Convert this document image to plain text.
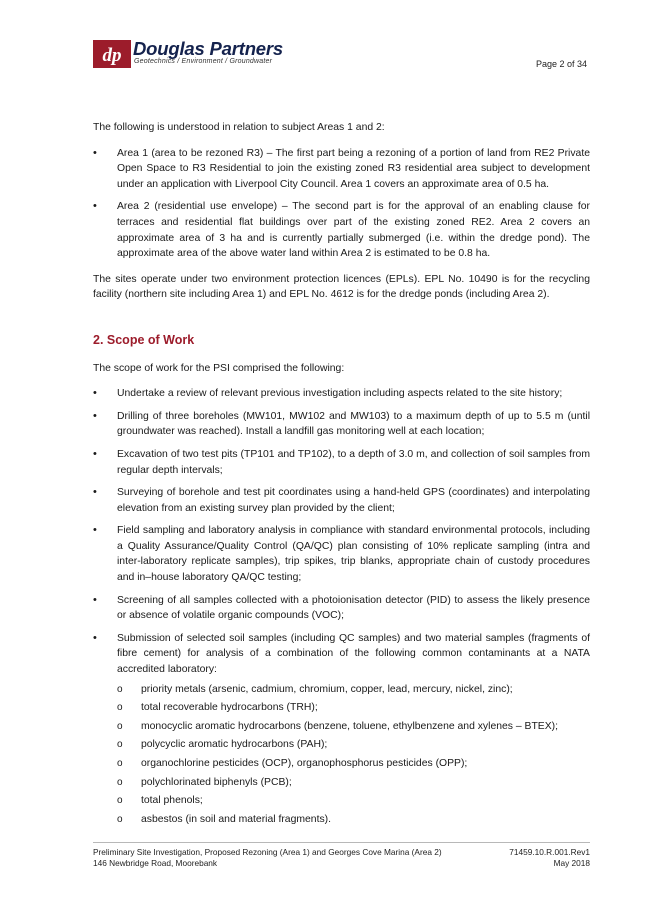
dp Douglas Partners
Geotechnics / Environment / Groundwater	Page 2 of 34

The following is understood in relation to subject Areas 1 and 2:

• Area 1 (area to be rezoned R3) – The first part being a rezoning of a portion of land from RE2 Private Open Space to R3 Residential to join the existing zoned R3 residential area subject to development under an application with Liverpool City Council. Area 1 covers an approximate area of 0.5 ha.
• Area 2 (residential use envelope) – The second part is for the approval of an enabling clause for terraces and residential flat buildings over part of the existing zoned RE2. Area 2 covers an approximate area of 3 ha and is currently partially submerged (i.e. within the dredge pond). The approximate area of the above water land within Area 2 is estimated to be 0.8 ha.

The sites operate under two environment protection licences (EPLs). EPL No. 10490 is for the recycling facility (northern site including Area 1) and EPL No. 4612 is for the dredge ponds (including Area 2).

2. Scope of Work

The scope of work for the PSI comprised the following:

• Undertake a review of relevant previous investigation including aspects related to the site history;
• Drilling of three boreholes (MW101, MW102 and MW103) to a maximum depth of up to 5.5 m (until groundwater was reached). Install a landfill gas monitoring well at each location;
• Excavation of two test pits (TP101 and TP102), to a depth of 3.0 m, and collection of soil samples from regular depth intervals;
• Surveying of borehole and test pit coordinates using a hand-held GPS (coordinates) and interpolating elevation from an existing survey plan provided by the client;
• Field sampling and laboratory analysis in compliance with standard environmental protocols, including a Quality Assurance/Quality Control (QA/QC) plan consisting of 10% replicate sampling (intra and inter-laboratory replicate samples), trip spikes, trip blanks, appropriate chain of custody procedures and in–house laboratory QA/QC testing;
• Screening of all samples collected with a photoionisation detector (PID) to assess the likely presence or absence of volatile organic compounds (VOC);
• Submission of selected soil samples (including QC samples) and two material samples (fragments of fibre cement) for analysis of a combination of the following common contaminants at a NATA accredited laboratory:
o priority metals (arsenic, cadmium, chromium, copper, lead, mercury, nickel, zinc);
o total recoverable hydrocarbons (TRH);
o monocyclic aromatic hydrocarbons (benzene, toluene, ethylbenzene and xylenes – BTEX);
o polycyclic aromatic hydrocarbons (PAH);
o organochlorine pesticides (OCP), organophosphorus pesticides (OPP);
o polychlorinated biphenyls (PCB);
o total phenols;
o asbestos (in soil and material fragments).
Preliminary Site Investigation, Proposed Rezoning (Area 1) and Georges Cove Marina (Area 2)	71459.10.R.001.Rev1
146 Newbridge Road, Moorebank	May 2018
